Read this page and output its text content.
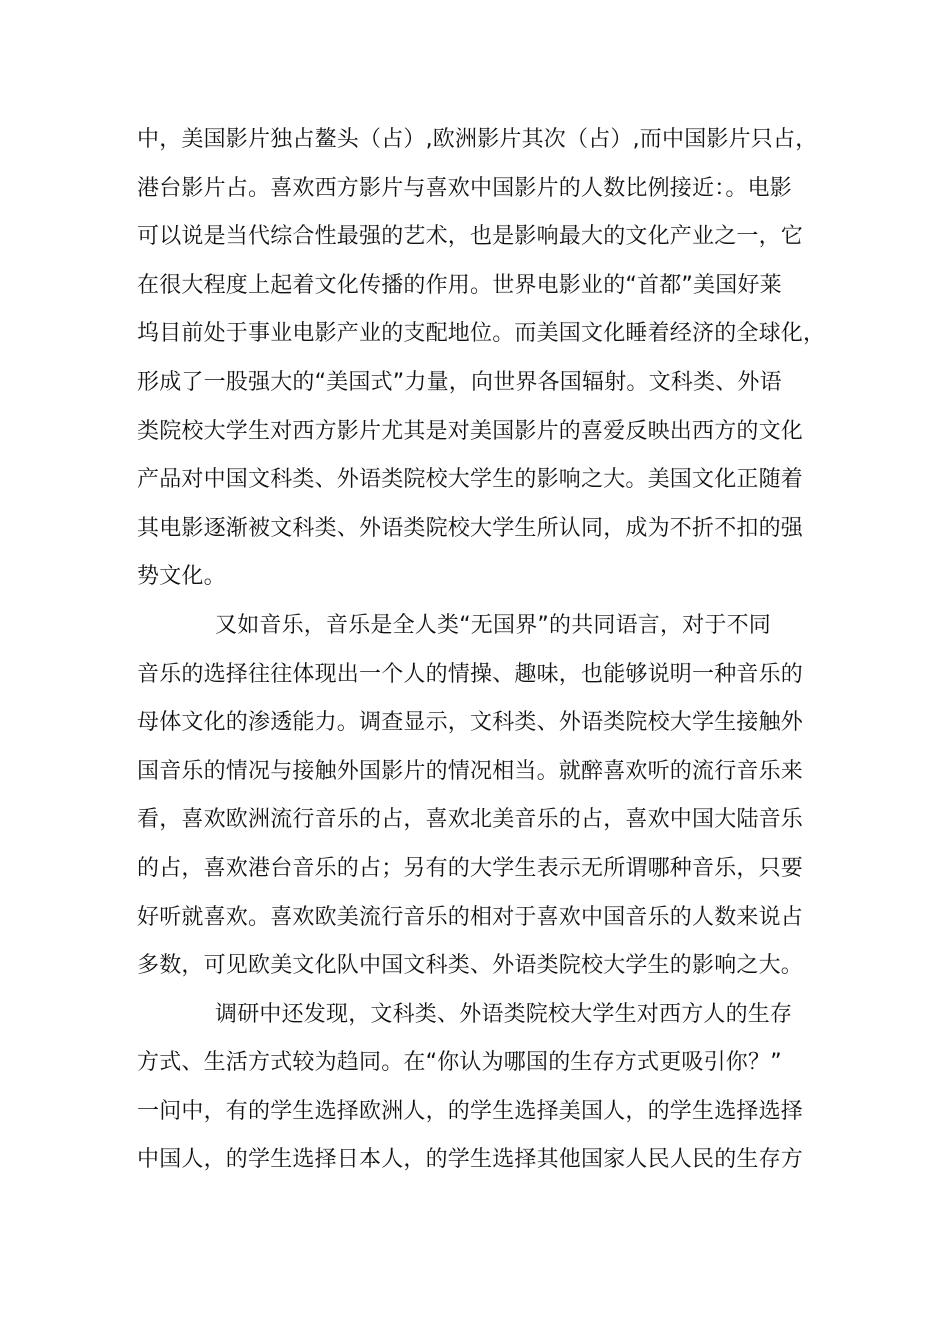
中，美国影片独占鳌头（占）,欧洲影片其次（占）,而中国影片只占，
港台影片占。喜欢西方影片与喜欢中国影片的人数比例接近：。电影
可以说是当代综合性最强的艺术，也是影响最大的文化产业之一，它
在很大程度上起着文化传播的作用。世界电影业的“首都”美国好莱
坞目前处于事业电影产业的支配地位。而美国文化睡着经济的全球化，
形成了一股强大的“美国式”力量，向世界各国辐射。文科类、外语
类院校大学生对西方影片尤其是对美国影片的喜爱反映出西方的文化
产品对中国文科类、外语类院校大学生的影响之大。美国文化正随着
其电影逐渐被文科类、外语类院校大学生所认同，成为不折不扣的强
势文化。
又如音乐，音乐是全人类“无国界”的共同语言，对于不同
音乐的选择往往体现出一个人的情操、趣味，也能够说明一种音乐的
母体文化的渗透能力。调查显示，文科类、外语类院校大学生接触外
国音乐的情况与接触外国影片的情况相当。就醉喜欢听的流行音乐来
看，喜欢欧洲流行音乐的占，喜欢北美音乐的占，喜欢中国大陆音乐
的占，喜欢港台音乐的占；另有的大学生表示无所谓哪种音乐，只要
好听就喜欢。喜欢欧美流行音乐的相对于喜欢中国音乐的人数来说占
多数，可见欧美文化队中国文科类、外语类院校大学生的影响之大。
调研中还发现，文科类、外语类院校大学生对西方人的生存
方式、生活方式较为趋同。在“你认为哪国的生存方式更吸引你？”
一问中，有的学生选择欧洲人，的学生选择美国人，的学生选择选择
中国人，的学生选择日本人，的学生选择其他国家人民人民的生存方
